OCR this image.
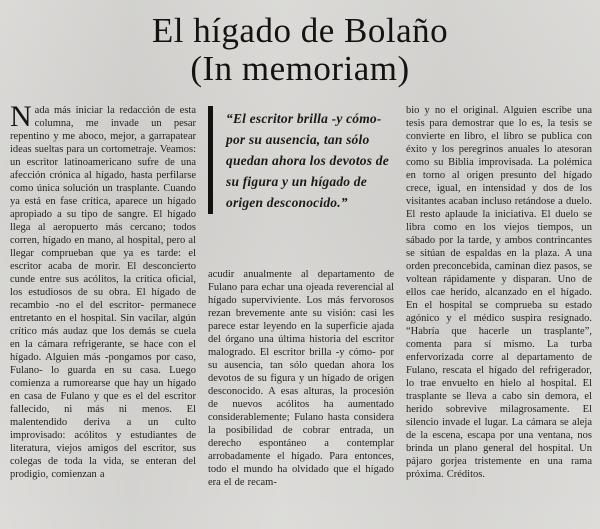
El hígado de Bolaño
(In memoriam)

Nada más iniciar la redacción de esta columna, me invade un pesar repentino y me aboco, mejor, a garrapatear ideas sueltas para un cortometraje. Veamos: un escritor latinoamericano sufre de una afección crónica al hígado, hasta perfilarse como única solución un trasplante. Cuando ya está en fase crítica, aparece un hígado apropiado a su tipo de sangre. El hígado llega al aeropuerto más cercano; todos corren, hígado en mano, al hospital, pero al llegar comprueban que ya es tarde: el escritor acaba de morir. El desconcierto cunde entre sus acólitos, la crítica oficial, los estudiosos de su obra. El hígado de recambio -no el del escritor- permanece entretanto en el hospital. Sin vacilar, algún crítico más audaz que los demás se cuela en la cámara refrigerante, se hace con el hígado. Alguien más -pongamos por caso, Fulano- lo guarda en su casa. Luego comienza a rumorearse que hay un hígado en casa de Fulano y que es el del escritor fallecido, ni más ni menos. El malentendido deriva a un culto improvisado: acólitos y estudiantes de literatura, viejos amigos del escritor, sus colegas de toda la vida, se enteran del prodigio, comienzan a

“El escritor brilla -y cómo- por su ausencia, tan sólo quedan ahora los devotos de su figura y un hígado de origen desconocido.”

acudir anualmente al departamento de Fulano para echar una ojeada reverencial al hígado superviviente. Los más fervorosos rezan brevemente ante su visión: casi les parece estar leyendo en la superficie ajada del órgano una última historia del escritor malogrado. El escritor brilla -y cómo- por su ausencia, tan sólo quedan ahora los devotos de su figura y un hígado de origen desconocido. A esas alturas, la procesión de nuevos acólitos ha aumentado considerablemente; Fulano hasta considera la posibilidad de cobrar entrada, un derecho espontáneo a contemplar arrobadamente el hígado. Para entonces, todo el mundo ha olvidado que el hígado era el de recam-

bio y no el original. Alguien escribe una tesis para demostrar que lo es, la tesis se convierte en libro, el libro se publica con éxito y los peregrinos anuales lo atesoran como su Biblia improvisada. La polémica en torno al origen presunto del hígado crece, igual, en intensidad y dos de los visitantes acaban incluso retándose a duelo. El resto aplaude la iniciativa. El duelo se libra como en los viejos tiempos, un sábado por la tarde, y ambos contrincantes se sitúan de espaldas en la plaza. A una orden preconcebida, caminan diez pasos, se voltean rápidamente y disparan. Uno de ellos cae herido, alcanzado en el hígado. En el hospital se comprueba su estado agónico y el médico suspira resignado. “Habría que hacerle un trasplante”, comenta para sí mismo. La turba enfervorizada corre al departamento de Fulano, rescata el hígado del refrigerador, lo trae envuelto en hielo al hospital. El trasplante se lleva a cabo sin demora, el herido sobrevive milagrosamente. El silencio invade el lugar. La cámara se aleja de la escena, escapa por una ventana, nos brinda un plano general del hospital. Un pájaro gorjea tristemente en una rama próxima. Créditos.
